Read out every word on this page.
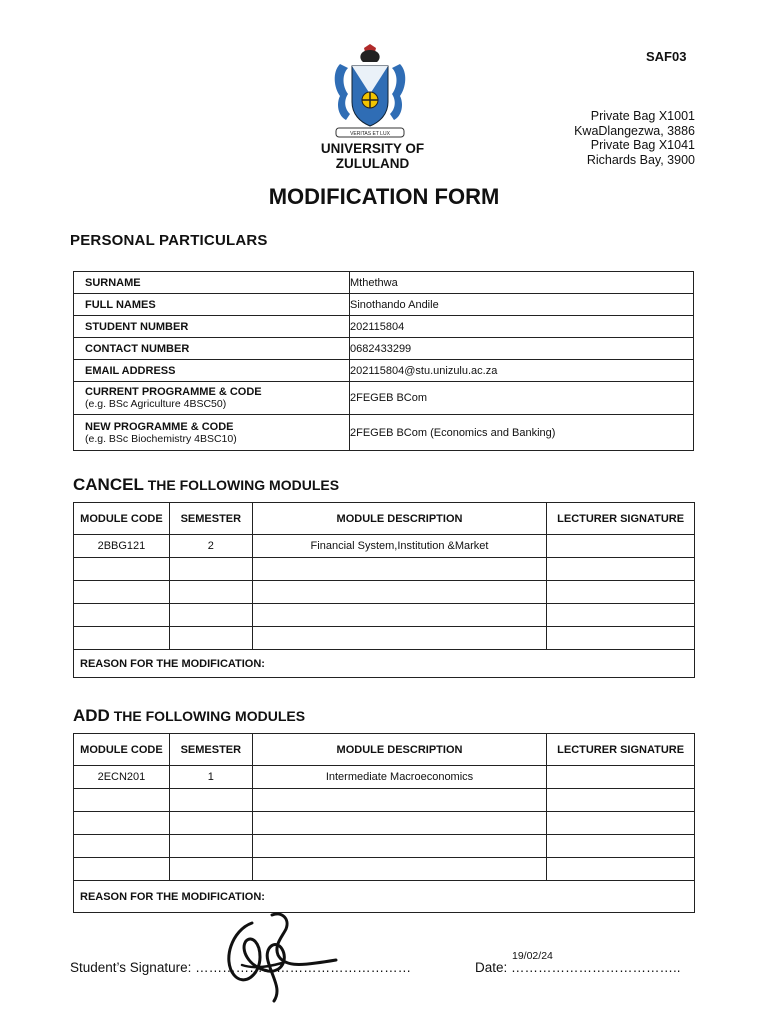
SAF03
VERITAS ET LUX
UNIVERSITY OF
ZULULAND
Private Bag X1001
KwaDlangezwa, 3886
Private Bag X1041
Richards Bay, 3900
MODIFICATION FORM
PERSONAL PARTICULARS
SURNAME	Mthethwa
FULL NAMES	Sinothando Andile
STUDENT NUMBER	202115804
CONTACT NUMBER	0682433299
EMAIL ADDRESS	202115804@stu.unizulu.ac.za

CURRENT PROGRAMME & CODE
(e.g. BSc Agriculture 4BSC50)	2FEGEB BCom

NEW PROGRAMME & CODE
(e.g. BSc Biochemistry 4BSC10)	2FEGEB BCom (Economics and Banking)
CANCEL THE FOLLOWING MODULES
MODULE CODE	SEMESTER	MODULE DESCRIPTION	LECTURER SIGNATURE
2BBG121	2	Financial System,Institution &Market	

REASON FOR THE MODIFICATION:			
ADD THE FOLLOWING MODULES
MODULE CODE	SEMESTER	MODULE DESCRIPTION	LECTURER SIGNATURE
2ECN201	1	Intermediate Macroeconomics	

REASON FOR THE MODIFICATION:			
Student’s Signature: …………………………………………
19/02/24
Date: ………………………………..
